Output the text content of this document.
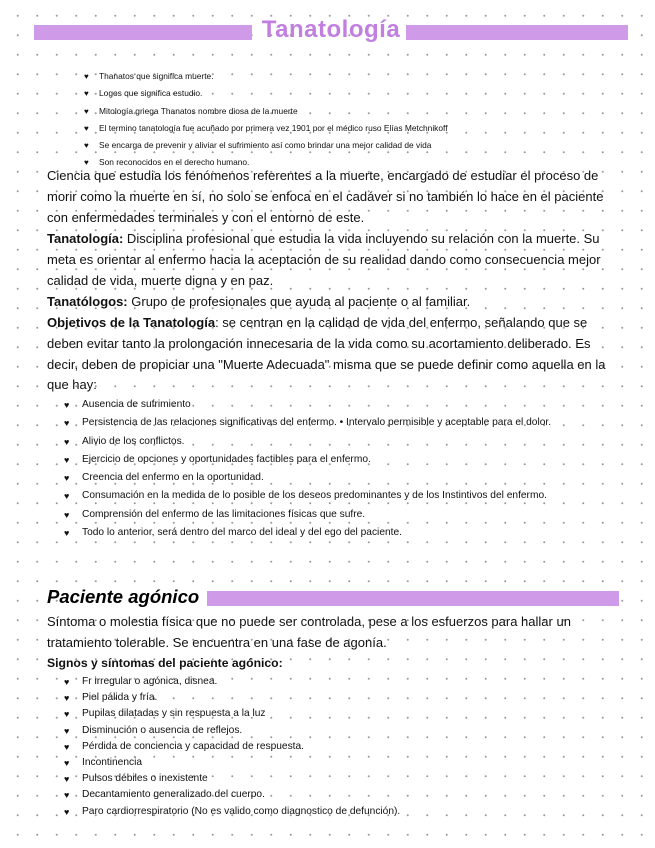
Tanatología
♥ Thanatos que significa muerte.
♥ Logos que significa estudio.
♥ Mitología griega Thanatos nombre diosa de la muerte
♥ El termino tanatología fue acuñado por primera vez 1901 por el médico ruso Elías Metchnikoff
♥ Se encarga de prevenir y aliviar el sufrimiento así como brindar una mejor calidad de vida
♥ Son reconocidos en el derecho humano.
Ciencia que estudia los fenómenos referentes a la muerte, encargado de estudiar el proceso de morir como la muerte en sí, no solo se enfoca en el cadáver si no también lo hace en el paciente con enfermedades terminales y con el entorno de este.
Tanatología: Disciplina profesional que estudia la vida incluyendo su relación con la muerte. Su meta es orientar al enfermo hacia la aceptación de su realidad dando como consecuencia mejor calidad de vida, muerte digna y en paz.
Tanatólogos: Grupo de profesionales que ayuda al paciente o al familiar.
Objetivos de la Tanatología: se centran en la calidad de vida del enfermo, señalando que se deben evitar tanto la prolongación innecesaria de la vida como su acortamiento deliberado. Es decir, deben de propiciar una "Muerte Adecuada" misma que se puede definir como aquella en la que hay:
♥ Ausencia de sufrimiento
♥ Persistencia de las relaciones significativas del enfermo. • Intervalo permisible y aceptable para el dolor.
♥ Alivio de los conflictos.
♥ Ejercicio de opciones y oportunidades factibles para el enfermo.
♥ Creencia del enfermo en la oportunidad.
♥ Consumación en la medida de lo posible de los deseos predominantes y de los Instintivos del enfermo.
♥ Comprensión del enfermo de las limitaciones físicas que sufre.
♥ Todo lo anterior, será dentro del marco del ideal y del ego del paciente.
Paciente agónico
Síntoma o molestia física que no puede ser controlada, pese a los esfuerzos para hallar un tratamiento tolerable. Se encuentra en una fase de agonía.
Signos y síntomas del paciente agónico:
♥ Fr irregular o agónica, disnea.
♥ Piel pálida y fría.
♥ Pupilas dilatadas y sin respuesta a la luz
♥ Disminución o ausencia de reflejos.
♥ Pérdida de conciencia y capacidad de respuesta.
♥ Incontinencia
♥ Pulsos débiles o inexistente
♥ Decantamiento generalizado del cuerpo.
♥ Paro cardiorrespiratorio (No es valido como diagnostico de defunción).
